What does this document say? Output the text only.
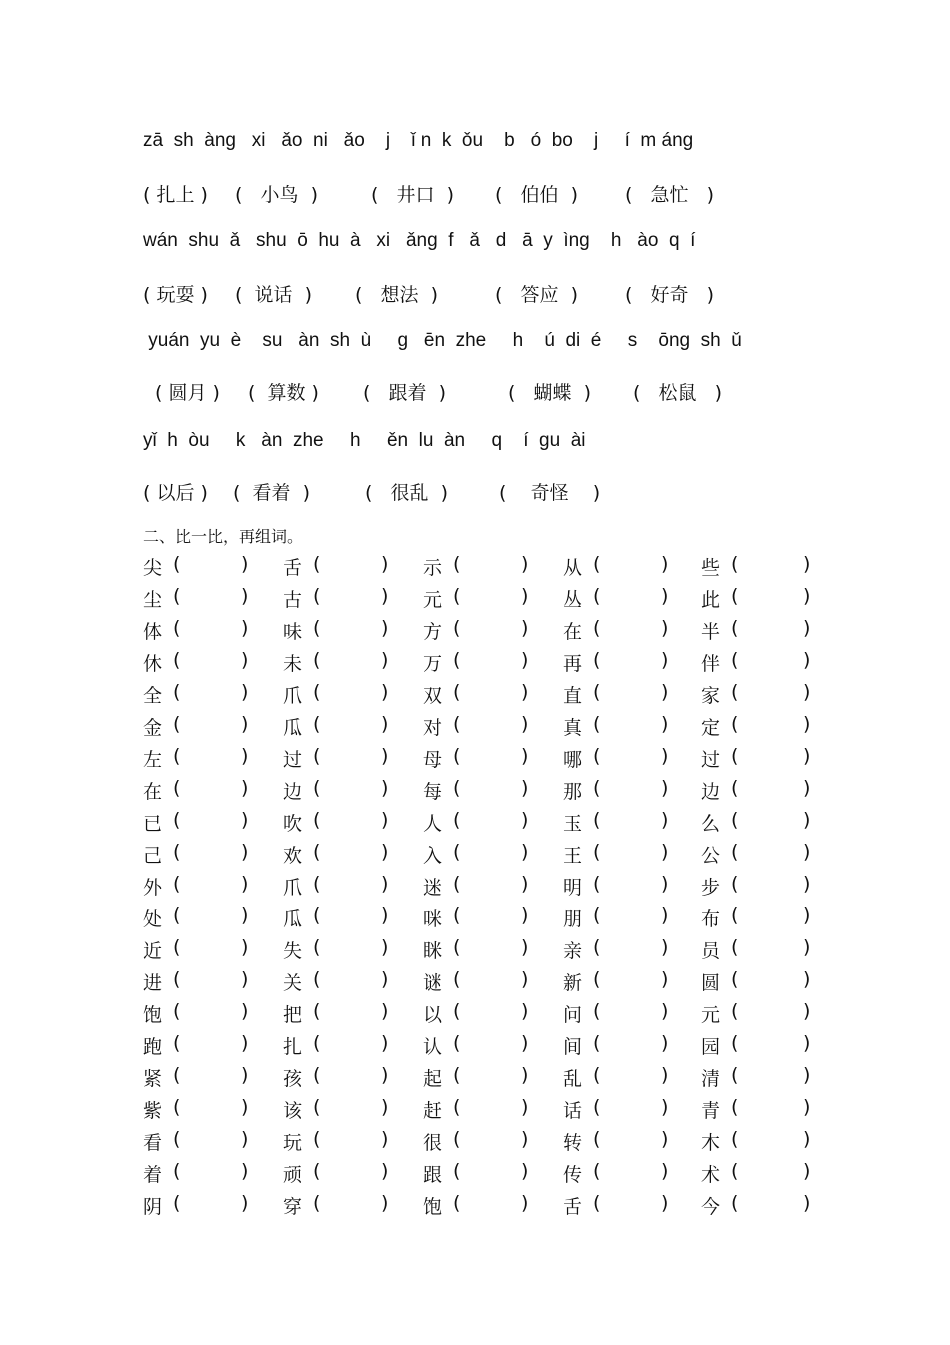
zā  sh  àng   xi   ǎo  ni   ǎo    j    ǐ n  k  ǒu    b   ó  bo    j     í  m áng
( 扎上 ) (   小鸟  )	(   井口  ) (   伯伯  ) (   急忙   )
wán  shu  ǎ   shu  ō  hu  à   xi   ǎng  f   ǎ   d   ā  y  ìng    h   ào  q  í
( 玩耍 ) (  说话  ) (   想法  )	(   答应  ) (   好奇   )
yuán  yu  è    su   àn  sh  ù     g   ēn  zhe     h    ú  di  é     s    ōng  sh  ǔ
( 圆月 ) (  算数 ) (   跟着  )	(   蝴蝶  ) (   松鼠   )
yǐ  h  òu     k   àn  zhe     h     ěn  lu  àn     q    í  gu  ài
( 以后 ) (  看着  )	(   很乱  )	(    奇怪    )
二、比一比，再组词。
尖 (	) 舌 (	) 示 (	) 从 (	) 些 (	)
尘 (	) 古 (	) 元 (	) 丛 (	) 此 (	)
体 (	) 味 (	) 方 (	) 在 (	) 半 (	)
休 (	) 未 (	) 万 (	) 再 (	) 伴 (	)
全 (	) 爪 (	) 双 (	) 直 (	) 家 (	)
金 (	) 瓜 (	) 对 (	) 真 (	) 定 (	)
左 (	) 过 (	) 母 (	) 哪 (	) 过 (	)
在 (	) 边 (	) 每 (	) 那 (	) 边 (	)
已 (	) 吹 (	) 人 (	) 玉 (	) 么 (	)
己 (	) 欢 (	) 入 (	) 王 (	) 公 (	)
外 (	) 爪 (	) 迷 (	) 明 (	) 步 (	)
处 (	) 瓜 (	) 咪 (	) 朋 (	) 布 (	)
近 (	) 失 (	) 眯 (	) 亲 (	) 员 (	)
进 (	) 关 (	) 谜 (	) 新 (	) 圆 (	)
饱 (	) 把 (	) 以 (	) 问 (	) 元 (	)
跑 (	) 扎 (	) 认 (	) 间 (	) 园 (	)
紧 (	) 孩 (	) 起 (	) 乱 (	) 清 (	)
紫 (	) 该 (	) 赶 (	) 话 (	) 青 (	)
看 (	) 玩 (	) 很 (	) 转 (	) 木 (	)
着 (	) 顽 (	) 跟 (	) 传 (	) 术 (	)
阴 (	) 穿 (	) 饱 (	) 舌 (	) 今 (	)
